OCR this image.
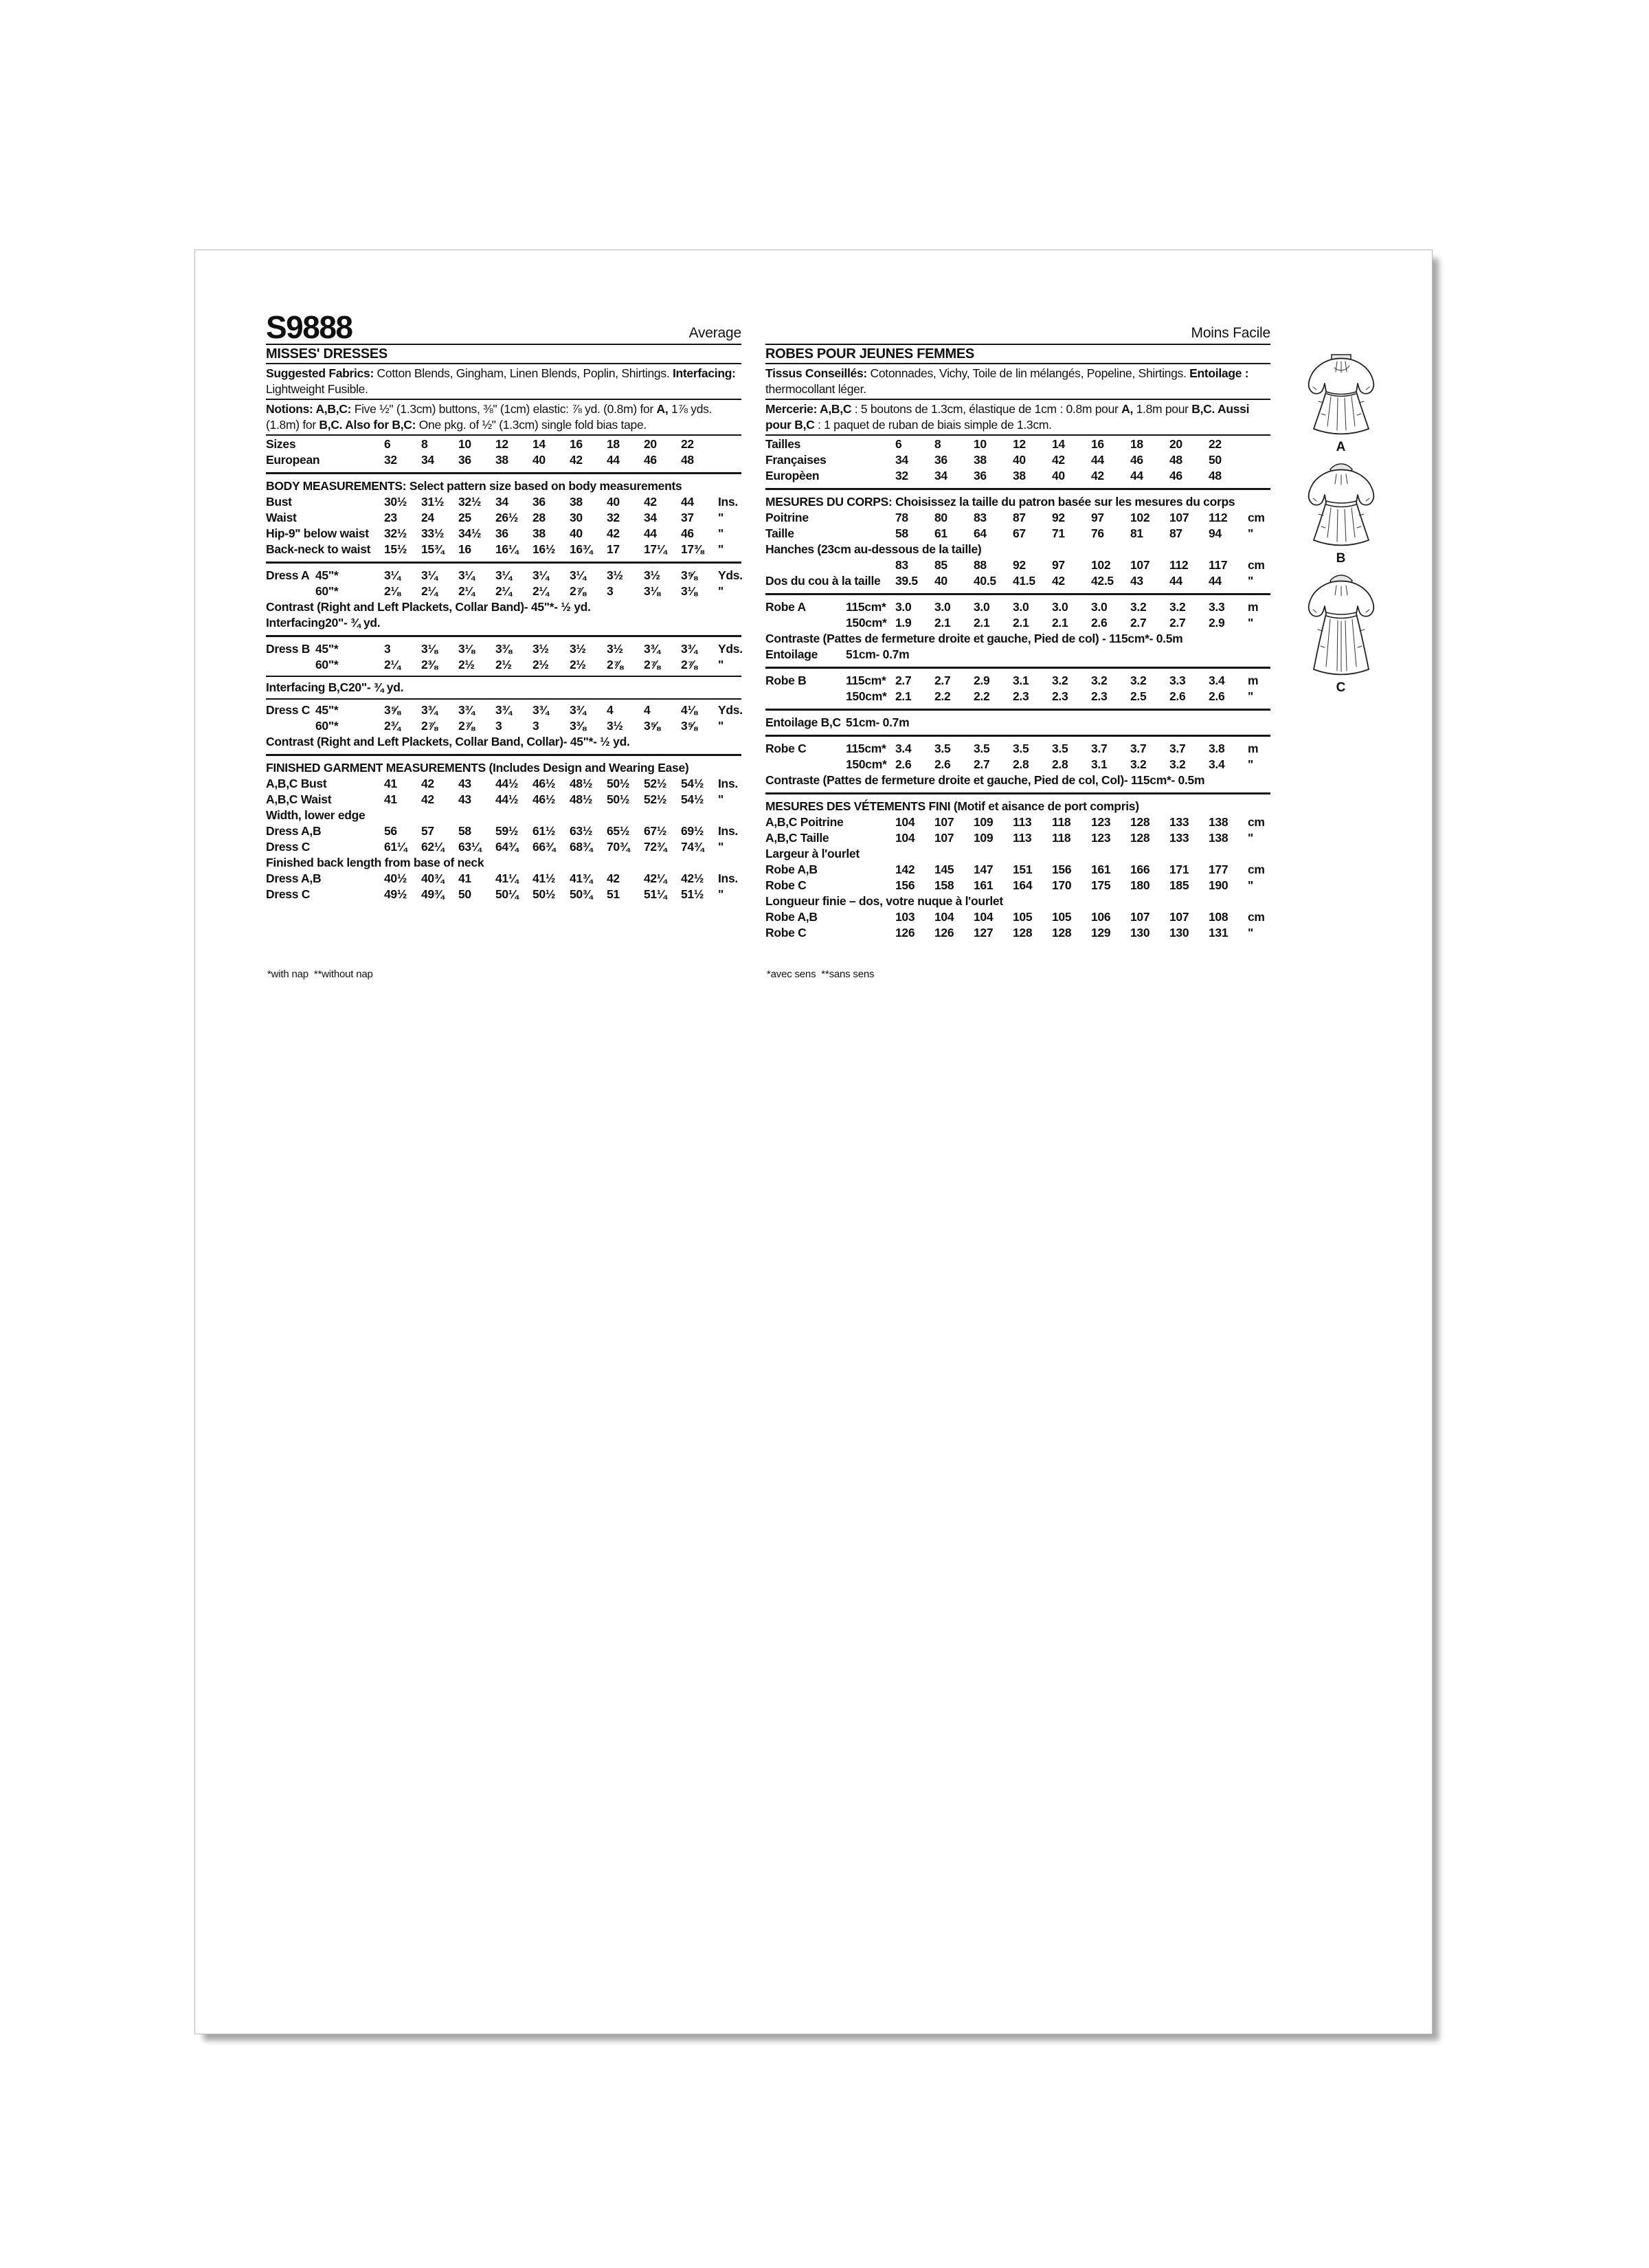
S9888	Average
MISSES' DRESSES

Suggested Fabrics: Cotton Blends, Gingham, Linen Blends, Poplin, Shirtings. Interfacing: Lightweight Fusible.

Notions: A,B,C: Five ½" (1.3cm) buttons, ⅜" (1cm) elastic: ⅞ yd. (0.8m) for A, 1⅞ yds. (1.8m) for B,C. Also for B,C: One pkg. of ½" (1.3cm) single fold bias tape.

Sizes	6	8	10	12	14	16	18	20	22
European	32	34	36	38	40	42	44	46	48
BODY MEASUREMENTS: Select pattern size based on body measurements
Bust	30½	31½	32½	34	36	38	40	42	44	Ins.
Waist	23	24	25	26½	28	30	32	34	37	"
Hip-9" below waist 32½	33½	34½	36	38	40	42	44	46	"
Back-neck to waist 15½	15¾	16	16¼	16½	16¾	17	17¼	17⅜	"
Dress A 45"*	3¼	3¼	3¼	3¼	3¼	3¼	3½	3½	3⅝	Yds.
60"*	2⅛	2¼	2¼	2¼	2¼	2⅞	3	3⅛	3⅛	"
Contrast (Right and Left Plackets, Collar Band)- 45"*- ½ yd.
Interfacing 20"- ¾ yd.
Dress B 45"*	3	3⅛	3⅛	3⅜	3½	3½	3½	3¾	3¾	Yds.
60"*	2¼	2⅜	2½	2½	2½	2½	2⅞	2⅞	2⅞	"
Interfacing B,C 20"- ¾ yd.
Dress C 45"*	3⅝	3¾	3¾	3¾	3¾	3¾	4	4	4⅛	Yds.
60"*	2¾	2⅞	2⅞	3	3	3⅜	3½	3⅝	3⅝	"
Contrast (Right and Left Plackets, Collar Band, Collar)- 45"*- ½ yd.
FINISHED GARMENT MEASUREMENTS (Includes Design and Wearing Ease)
A,B,C Bust	41	42	43	44½	46½	48½	50½	52½	54½	Ins.
A,B,C Waist	41	42	43	44½	46½	48½	50½	52½	54½	"
Width, lower edge
Dress A,B	56	57	58	59½	61½	63½	65½	67½	69½	Ins.
Dress C	61¼	62¼	63¼	64¾	66¾	68¾	70¾	72¾	74¾	"
Finished back length from base of neck
Dress A,B	40½	40¾	41	41¼	41½	41¾	42	42¼	42½	Ins.
Dress C	49½	49¾	50	50¼	50½	50¾	51	51¼	51½	"
*with nap  **without nap
Moins Facile
ROBES POUR JEUNES FEMMES

Tissus Conseillés: Cotonnades, Vichy, Toile de lin mélangés, Popeline, Shirtings. Entoilage : thermocollant léger.

Mercerie: A,B,C : 5 boutons de 1.3cm, élastique de 1cm : 0.8m pour A, 1.8m pour B,C. Aussi pour B,C : 1 paquet de ruban de biais simple de 1.3cm.

Tailles	6	8	10	12	14	16	18	20	22
Françaises	34	36	38	40	42	44	46	48	50
Europèen	32	34	36	38	40	42	44	46	48
MESURES DU CORPS: Choisissez la taille du patron basée sur les mesures du corps
Poitrine	78	80	83	87	92	97	102	107	112	cm
Taille	58	61	64	67	71	76	81	87	94	"
Hanches (23cm au-dessous de la taille)
83	85	88	92	97	102	107	112	117	cm
Dos du cou à la taille 39.5	40	40.5	41.5	42	42.5	43	44	44	"
Robe A	115cm* 3.0	3.0	3.0	3.0	3.0	3.0	3.2	3.2	3.3	m
150cm* 1.9	2.1	2.1	2.1	2.1	2.6	2.7	2.7	2.9	"
Contraste (Pattes de fermeture droite et gauche, Pied de col) - 115cm*- 0.5m
Entoilage	51cm- 0.7m
Robe B	115cm* 2.7	2.7	2.9	3.1	3.2	3.2	3.2	3.3	3.4	m
150cm* 2.1	2.2	2.2	2.3	2.3	2.3	2.5	2.6	2.6	"
Entoilage B,C 51cm- 0.7m
Robe C	115cm* 3.4	3.5	3.5	3.5	3.5	3.7	3.7	3.7	3.8	m
150cm* 2.6	2.6	2.7	2.8	2.8	3.1	3.2	3.2	3.4	"
Contraste (Pattes de fermeture droite et gauche, Pied de col, Col)- 115cm*- 0.5m
MESURES DES VÉTEMENTS FINI (Motif et aisance de port compris)
A,B,C Poitrine	104	107	109	113	118	123	128	133	138	cm
A,B,C Taille	104	107	109	113	118	123	128	133	138	"
Largeur à l'ourlet
Robe A,B	142	145	147	151	156	161	166	171	177	cm
Robe C	156	158	161	164	170	175	180	185	190	"
Longueur finie – dos, votre nuque à l'ourlet
Robe A,B	103	104	104	105	105	106	107	107	108	cm
Robe C	126	126	127	128	128	129	130	130	131	"
*avec sens  **sans sens
A
B
C
